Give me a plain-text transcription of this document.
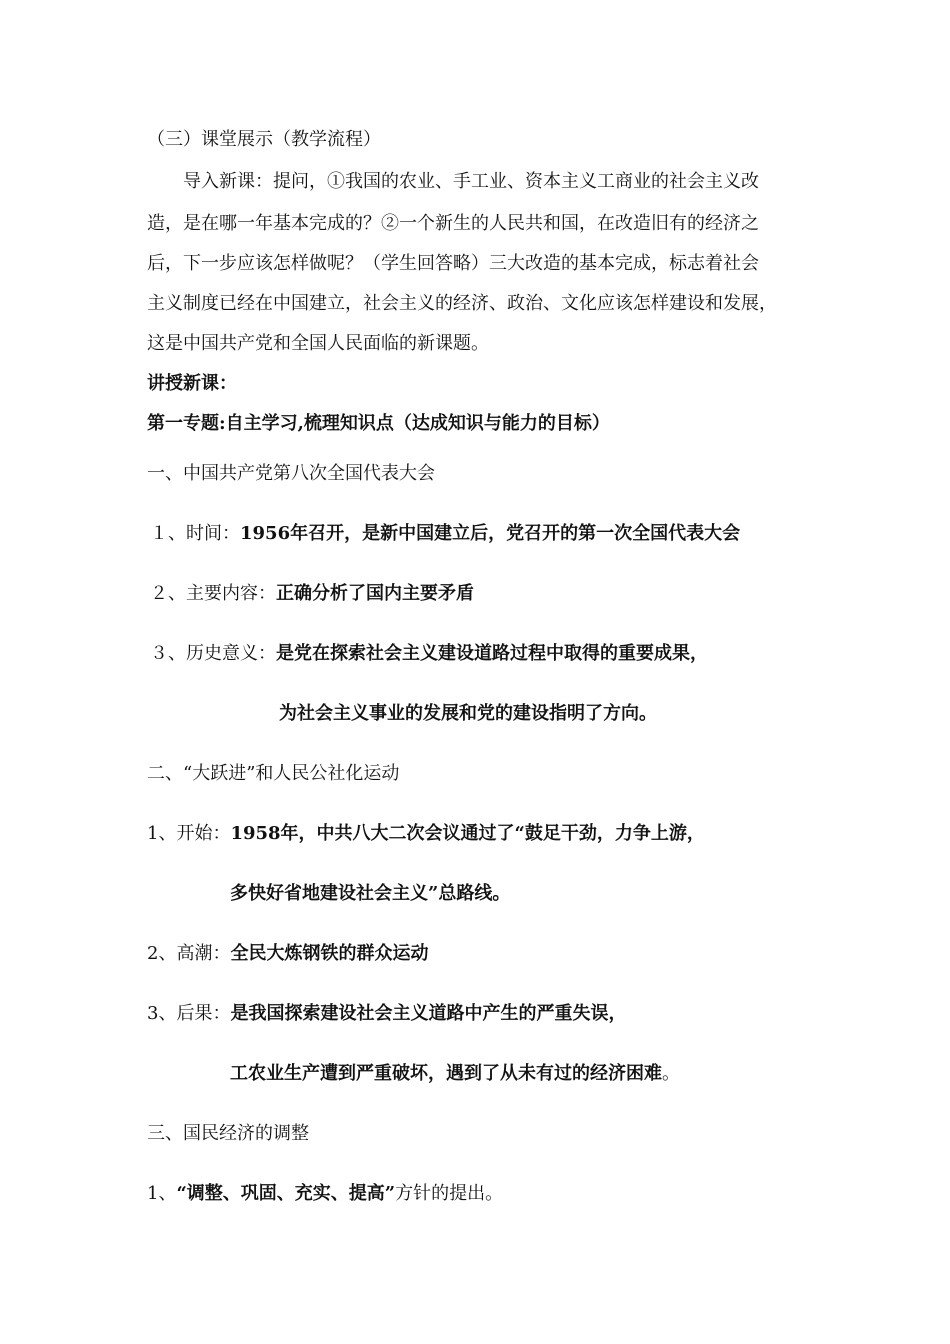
（三）课堂展示（教学流程）
导入新课：提问，①我国的农业、手工业、资本主义工商业的社会主义改
造，是在哪一年基本完成的？②一个新生的人民共和国，在改造旧有的经济之
后，下一步应该怎样做呢？（学生回答略）三大改造的基本完成，标志着社会
主义制度已经在中国建立，社会主义的经济、政治、文化应该怎样建设和发展，
这是中国共产党和全国人民面临的新课题。
讲授新课：
第一专题:自主学习,梳理知识点（达成知识与能力的目标）
一、中国共产党第八次全国代表大会
１、时间：1956年召开，是新中国建立后，党召开的第一次全国代表大会
２、主要内容：正确分析了国内主要矛盾
３、历史意义：是党在探索社会主义建设道路过程中取得的重要成果，
为社会主义事业的发展和党的建设指明了方向。
二、“大跃进”和人民公社化运动
1、开始：1958年，中共八大二次会议通过了“鼓足干劲，力争上游，
多快好省地建设社会主义”总路线。
2、高潮：全民大炼钢铁的群众运动
3、后果：是我国探索建设社会主义道路中产生的严重失误，
工农业生产遭到严重破坏，遇到了从未有过的经济困难。
三、国民经济的调整
1、“调整、巩固、充实、提高”方针的提出。
